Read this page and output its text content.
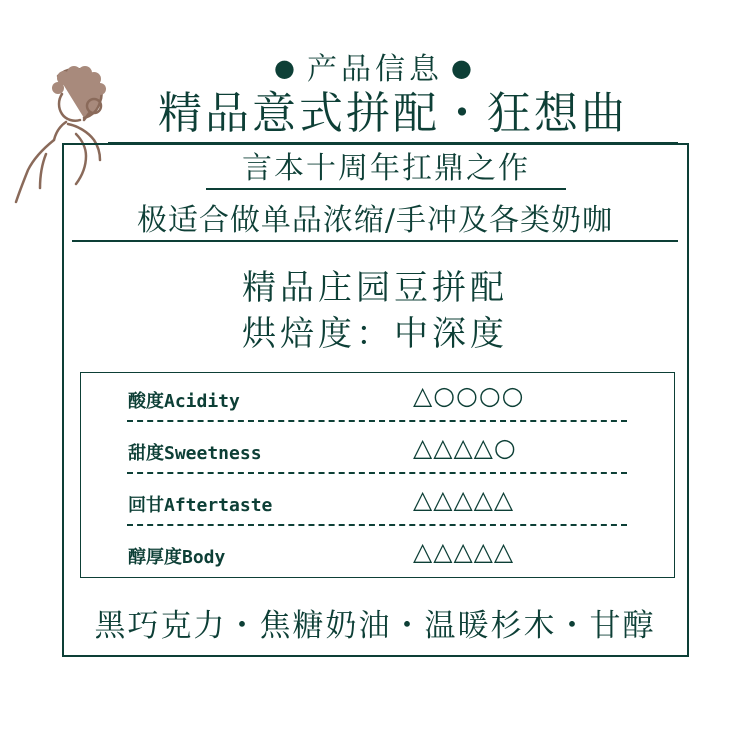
● 产品信息 ●
精品意式拼配・狂想曲
言本十周年扛鼎之作
极适合做单品浓缩/手冲及各类奶咖
精品庄园豆拼配
烘焙度：中深度
酸度Acidity	△○○○○
甜度Sweetness	△△△△○
回甘Aftertaste	△△△△△
醇厚度Body	△△△△△
黑巧克力・焦糖奶油・温暖杉木・甘醇
